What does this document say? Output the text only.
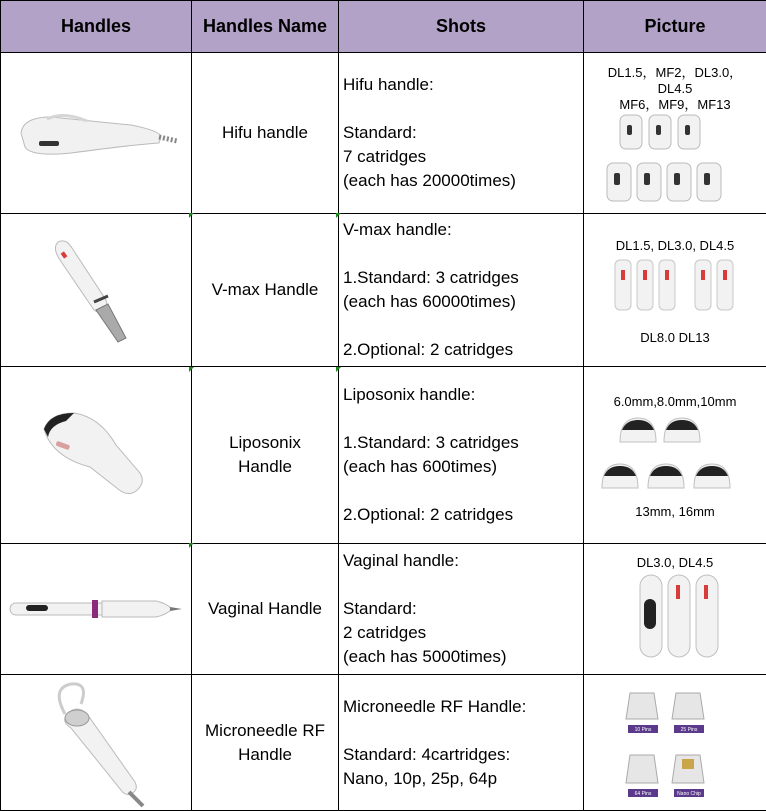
Handles	Handles Name	Shots	Picture

Hifu handle	Hifu handle:
Standard:
7 catridges
(each has 20000times)	DL1.5，MF2，DL3.0，
DL4.5
MF6，MF9，MF13

V-max Handle	V-max handle:
1.Standard: 3 catridges
(each has 60000times)
2.Optional: 2 catridges	DL1.5, DL3.0, DL4.5
DL8.0 DL13

Liposonix
Handle	Liposonix handle:
1.Standard: 3 catridges
(each has 600times)
2.Optional: 2 catridges	6.0mm,8.0mm,10mm
13mm, 16mm

Vaginal Handle	Vaginal handle:
Standard:
2 catridges
(each has 5000times)	DL3.0, DL4.5

Microneedle RF
Handle	Microneedle RF Handle:
Standard: 4cartridges:
Nano, 10p, 25p, 64p	10 Pins 25 Pins
64 Pins Nano Chip
